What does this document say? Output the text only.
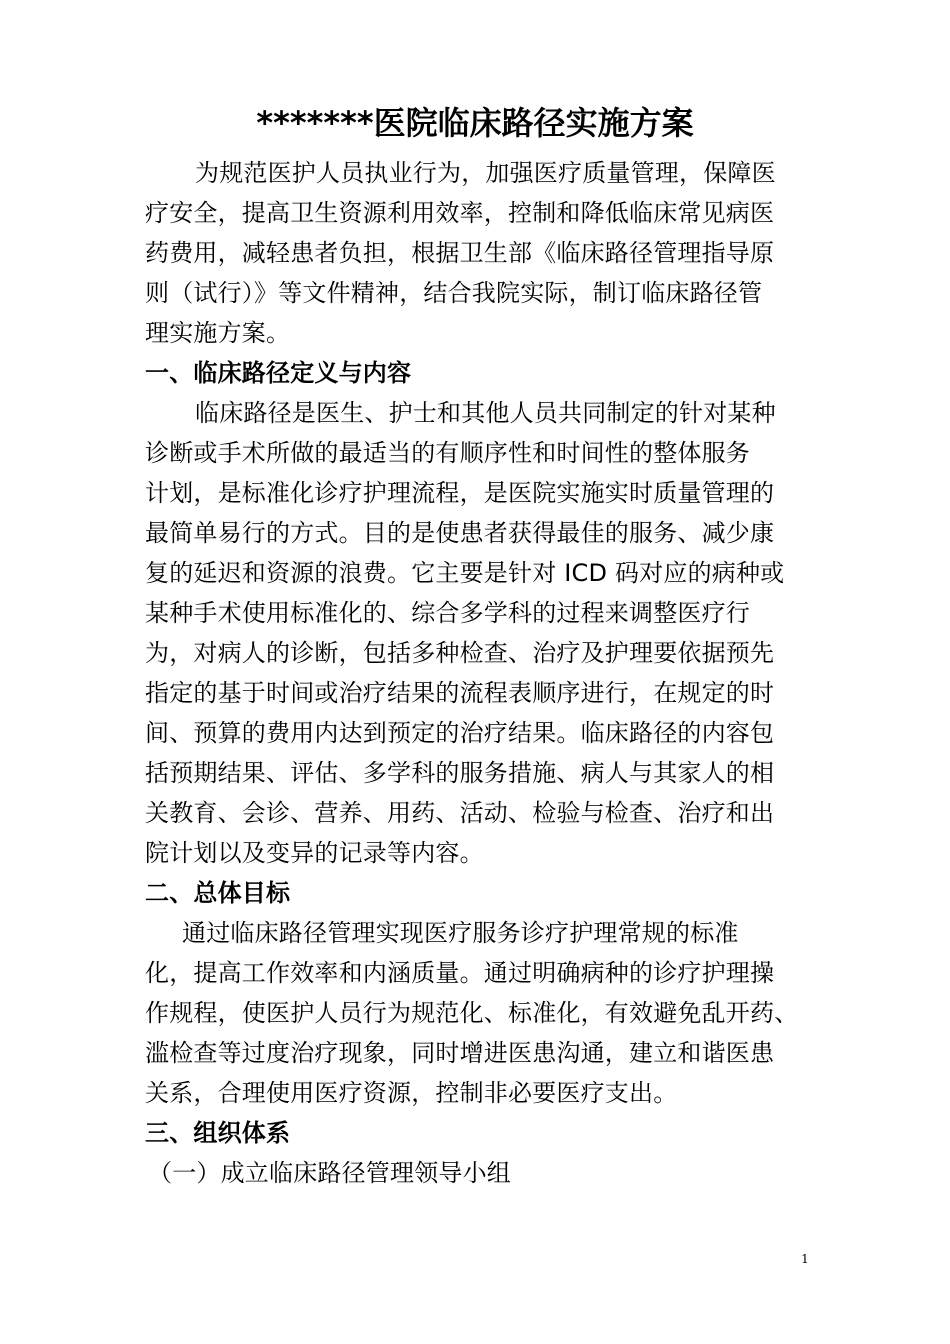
*******医院临床路径实施方案
为规范医护人员执业行为，加强医疗质量管理，保障医
疗安全，提高卫生资源利用效率，控制和降低临床常见病医
药费用，减轻患者负担，根据卫生部《临床路径管理指导原
则（试行）》等文件精神，结合我院实际，制订临床路径管
理实施方案。
一、临床路径定义与内容
临床路径是医生、护士和其他人员共同制定的针对某种
诊断或手术所做的最适当的有顺序性和时间性的整体服务
计划，是标准化诊疗护理流程，是医院实施实时质量管理的
最简单易行的方式。目的是使患者获得最佳的服务、减少康
复的延迟和资源的浪费。它主要是针对 ICD 码对应的病种或
某种手术使用标准化的、综合多学科的过程来调整医疗行
为，对病人的诊断，包括多种检查、治疗及护理要依据预先
指定的基于时间或治疗结果的流程表顺序进行，在规定的时
间、预算的费用内达到预定的治疗结果。临床路径的内容包
括预期结果、评估、多学科的服务措施、病人与其家人的相
关教育、会诊、营养、用药、活动、检验与检查、治疗和出
院计划以及变异的记录等内容。
二、总体目标
通过临床路径管理实现医疗服务诊疗护理常规的标准
化，提高工作效率和内涵质量。通过明确病种的诊疗护理操
作规程，使医护人员行为规范化、标准化，有效避免乱开药、
滥检查等过度治疗现象，同时增进医患沟通，建立和谐医患
关系，合理使用医疗资源，控制非必要医疗支出。
三、组织体系
（一）成立临床路径管理领导小组
1
